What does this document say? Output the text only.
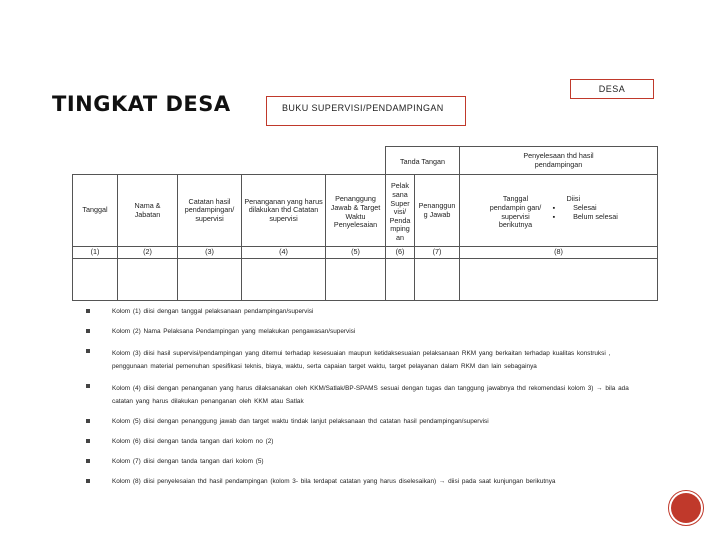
DESA
TINGKAT DESA	BUKU SUPERVISI/PENDAMPINGAN
					Tanda Tangan		Penyelesaan thd hasil pendampingan

Tanggal	Nama & Jabatan	Catatan hasil pendampingan/ supervisi	Penanganan yang harus dilakukan thd Catatan supervisi	Penanggung Jawab & Target Waktu Penyelesaian	Pelak sana Super visi/ Penda mping an	Penanggun g Jawab	Tanggal pendampin gan/ supervisi berikutnya
Diisi
▪ Selesai
▪ Belum selesai

(1)	(2)	(3)	(4)	(5)	(6)	(7)	(8)

Kolom (1) diisi dengan tanggal pelaksanaan pendampingan/supervisi
Kolom (2) Nama Pelaksana Pendampingan yang melakukan pengawasan/supervisi
Kolom (3) diisi hasil supervisi/pendampingan yang ditemui terhadap kesesuaian maupun ketidaksesuaian pelaksanaan RKM yang berkaitan terhadap kualitas konstruksi , penggunaan material pemenuhan spesifikasi teknis, biaya, waktu, serta capaian target waktu, target pelayanan dalam RKM dan lain sebagainya
Kolom (4) diisi dengan penanganan yang harus dilaksanakan oleh KKM/Satlak/BP-SPAMS sesuai dengan tugas dan tanggung jawabnya thd rekomendasi kolom 3) → bila ada catatan yang harus dilakukan penanganan oleh KKM atau Satlak
Kolom (5) diisi dengan penanggung jawab dan target waktu tindak lanjut pelaksanaan thd catatan hasil pendampingan/supervisi
Kolom (6) diisi dengan tanda tangan dari kolom no (2)
Kolom (7) diisi dengan tanda tangan dari kolom (5)
Kolom (8) diisi penyelesaian thd hasil pendampingan (kolom 3- bila terdapat catatan yang harus diselesaikan) → diisi pada saat kunjungan berikutnya
